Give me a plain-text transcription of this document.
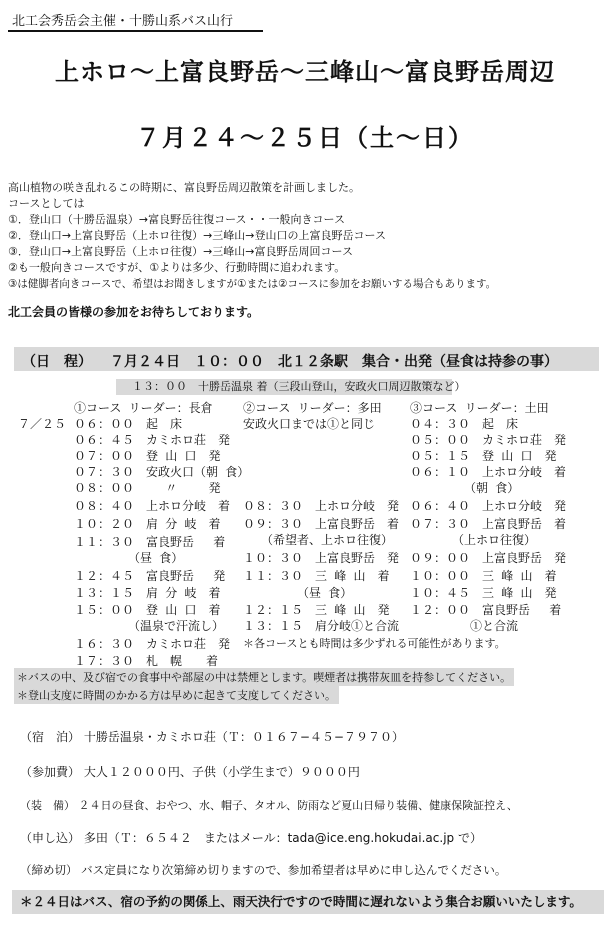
北工会秀岳会主催・十勝山系バス山行
上ホロ〜上富良野岳〜三峰山〜富良野岳周辺
７月２４〜２５日（土〜日）
高山植物の咲き乱れるこの時期に、富良野岳周辺散策を計画しました。
コースとしては
①．登山口（十勝岳温泉）→富良野岳往復コース・・一般向きコース
②．登山口→上富良野岳（上ホロ往復）→三峰山→登山口の上富良野岳コース
③．登山口→上富良野岳（上ホロ往復）→三峰山→富良野岳周回コース
②も一般向きコースですが、①よりは多少、行動時間に追われます。
③は健脚者向きコースで、希望はお聞きしますが①または②コースに参加をお願いする場合もあります。
北工会員の皆様の参加をお待ちしております。
（日　程） ７月２４日　１０：００　北１２条駅　集合・出発（昼食は持参の事）
１３：００　十勝岳温泉 着（三段山登山，安政火口周辺散策など）
７／２５
①コース リーダー：長倉
０６：００　起　床
０６：４５　カミホロ荘　発
０７：００　登 山 口　発
０７：３０　安政火口（朝 食）
０８：００　　 〃　　 発
０８：４０　上ホロ分岐　着
１０：２０　肩 分 岐　着
１１：３０　富良野岳　 着
　　　　　（昼 食）
１２：４５　富良野岳　 発
１３：１５　肩 分 岐　着
１５：００　登 山 口　着
　　　　　（温泉で汗流し）
１６：３０　カミホロ荘　発
１７：３０　札　幌　　着
②コース リーダー：多田
安政火口までは①と同じ
０８：３０　上ホロ分岐　発
０９：３０　上富良野岳　着
　　（希望者、上ホロ往復）
１０：３０　上富良野岳　発
１１：３０　三 峰 山　着
　　　　　（昼 食）
１２：１５　三 峰 山　発
１３：１５　肩分岐①と合流
＊各コースとも時間は多少ずれる可能性があります。
③コース リーダー：土田
０４：３０　起　床
０５：００　カミホロ荘　発
０５：１５　登 山 口　発
０６：１０　上ホロ分岐　着
　　　　　（朝 食）
０６：４０　上ホロ分岐　発
０７：３０　上富良野岳　着
　　　　（上ホロ往復）
０９：００　上富良野岳　発
１０：００　三 峰 山　着
１０：４５　三 峰 山　発
１２：００　富良野岳　 着
　　　　　①と合流
＊バスの中、及び宿での食事中や部屋の中は禁煙とします。喫煙者は携帯灰皿を持参してください。
＊登山支度に時間のかかる方は早めに起きて支度してください。
（宿　泊） 十勝岳温泉・カミホロ荘（Ｔ：０１６７−４５−７９７０）
（参加費） 大人１２０００円、子供（小学生まで）９０００円
（装　備） ２４日の昼食、おやつ、水、帽子、タオル、防雨など夏山日帰り装備、健康保険証控え、
（申し込） 多田（Ｔ：６５４２　またはメール：tada@ice.eng.hokudai.ac.jp で）
（締め切） バス定員になり次第締め切りますので、参加希望者は早めに申し込んでください。
＊２４日はバス、宿の予約の関係上、雨天決行ですので時間に遅れないよう集合お願いいたします。
